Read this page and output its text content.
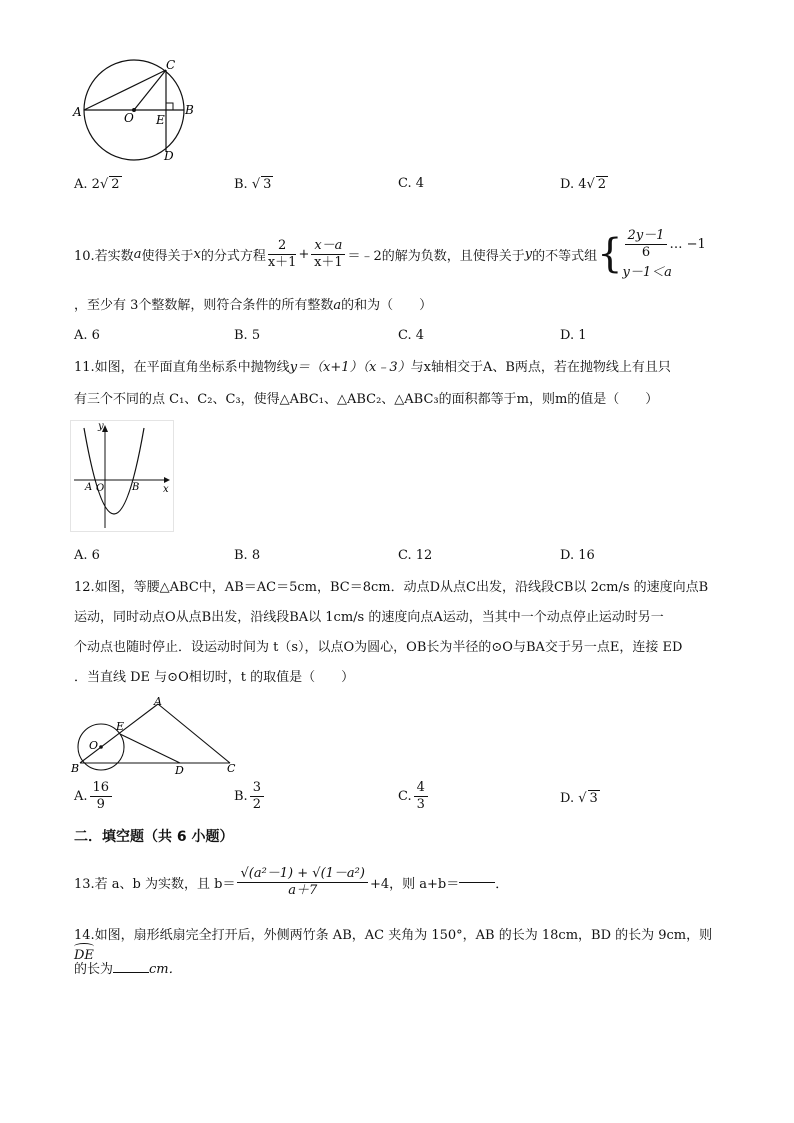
A	B
C
D
E
O
A. 2√ 2	B. √ 3	C. 4	D. 4√ 2
10.若实数 a 使得关于 x 的分式方程 $\frac{2}{x+1} + \frac{x-a}{x+1}$ ＝﹣2的解为负数，且使得关于 y 的不等式组 { $\frac{2y-1}{6}$ … −1
y－1＜a
，至少有 3个整数解，则符合条件的所有整数a的和为（　　）
A. 6	B. 5	C. 4	D. 1
11.如图，在平面直角坐标系中抛物线y＝（x+1）（x﹣3）与x轴相交于A、B两点，若在抛物线上有且只
有三个不同的点 C₁、C₂、C₃，使得△ABC₁、△ABC₂、△ABC₃的面积都等于m，则m的值是（　　）
y
x
A O	B
A. 6	B. 8	C. 12	D. 16
12.如图，等腰△ABC中，AB＝AC＝5cm，BC＝8cm．动点D从点C出发，沿线段CB以 2cm/s 的速度向点B
运动，同时动点O从点B出发，沿线段BA以 1cm/s 的速度向点A运动，当其中一个动点停止运动时另一
个动点也随时停止．设运动时间为 t（s），以点O为圆心，OB长为半径的⊙O与BA交于另一点E，连接 ED
．当直线 DE 与⊙O相切时，t 的取值是（　　）
A
B	C
D
E
O
A. $\frac{16}{9}$	B. $\frac{3}{2}$	C. $\frac{4}{3}$	D. √ 3
二．填空题（共 6 小题）
13.若 a、b 为实数，且 $b= \frac{\text{√(a²－1) + √(1－a²)}}{a+7} +4$，则 a+b＝	．
14.如图，扇形纸扇完全打开后，外侧两竹条 AB，AC 夹角为 150°，AB 的长为 18cm，BD 的长为 9cm，则
DE
的长为	cm．
